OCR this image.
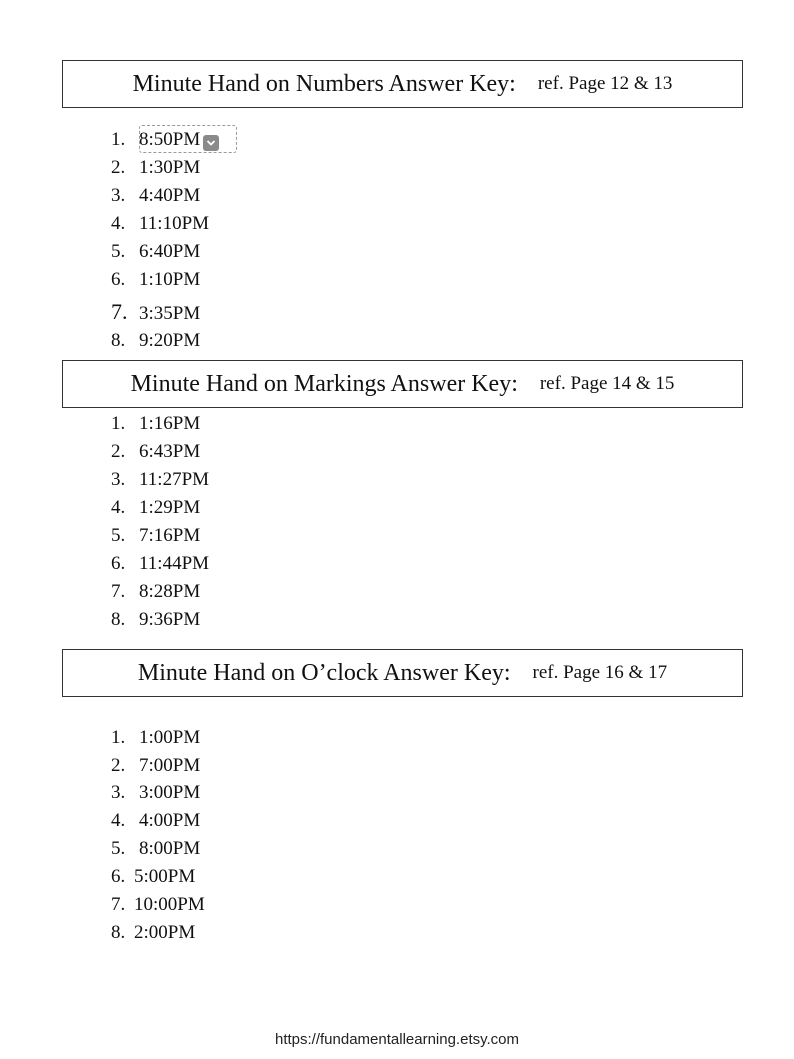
Minute Hand on Numbers Answer Key: ref. Page 12 & 13
1. 8:50PM
2. 1:30PM
3. 4:40PM
4. 11:10PM
5. 6:40PM
6. 1:10PM
7. 3:35PM
8. 9:20PM
Minute Hand on Markings Answer Key: ref. Page 14 & 15
1. 1:16PM
2. 6:43PM
3. 11:27PM
4. 1:29PM
5. 7:16PM
6. 11:44PM
7. 8:28PM
8. 9:36PM
Minute Hand on O’clock Answer Key: ref. Page 16 & 17
1. 1:00PM
2. 7:00PM
3. 3:00PM
4. 4:00PM
5. 8:00PM
6. 5:00PM
7. 10:00PM
8. 2:00PM
https://fundamentallearning.etsy.com
